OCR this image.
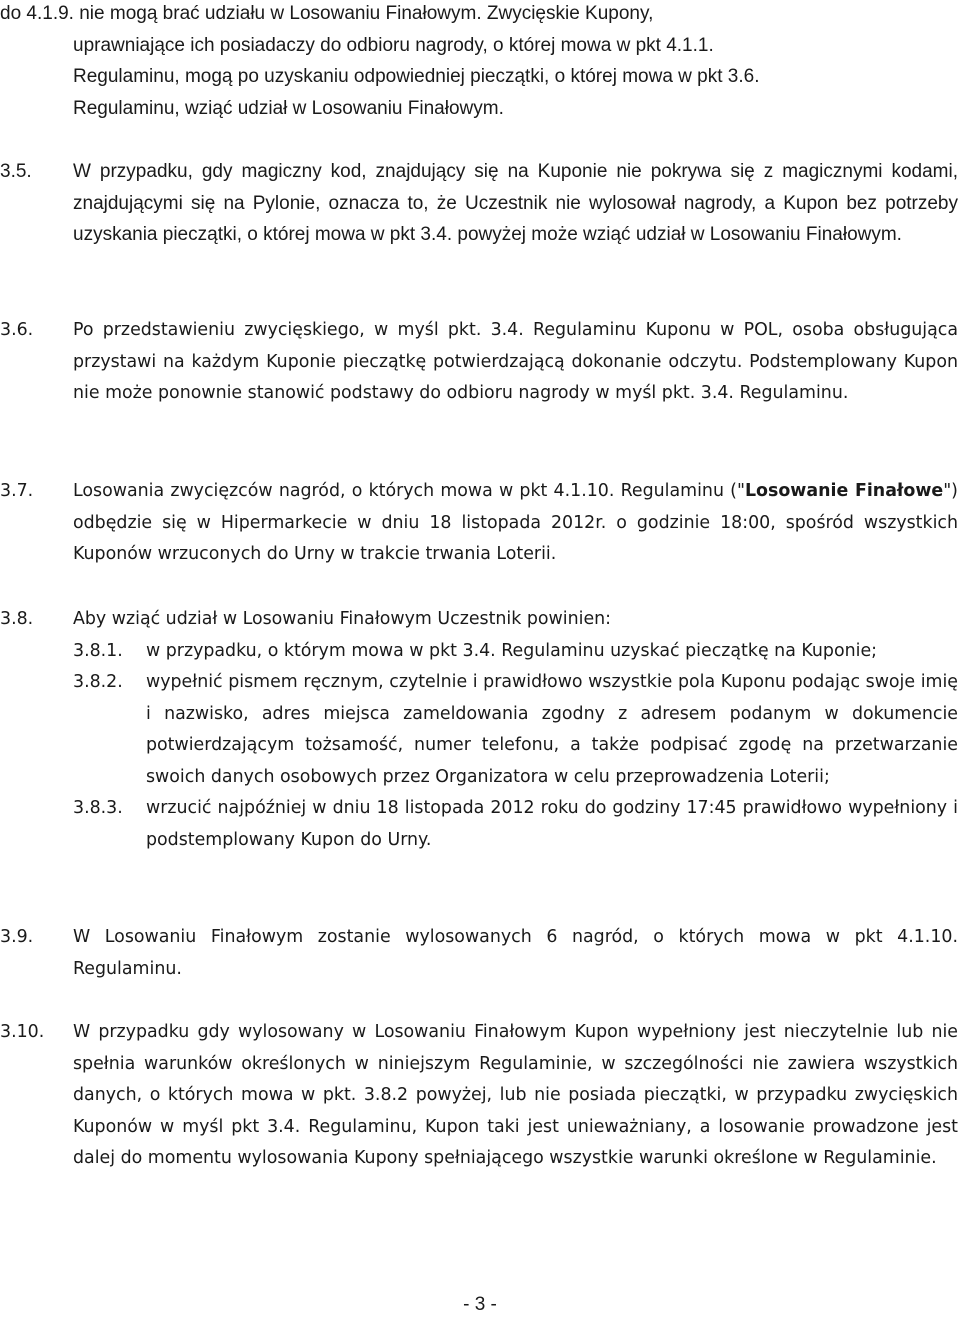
do 4.1.9. nie mogą brać udziału w Losowaniu Finałowym. Zwycięskie Kupony,
uprawniające ich posiadaczy do odbioru nagrody, o której mowa w pkt 4.1.1.
Regulaminu, mogą po uzyskaniu odpowiedniej pieczątki, o której mowa w pkt 3.6.
Regulaminu, wziąć udział w Losowaniu Finałowym.
3.5. W przypadku, gdy magiczny kod, znajdujący się na Kuponie nie pokrywa się z magicznymi kodami, znajdującymi się na Pylonie, oznacza to, że Uczestnik nie wylosował nagrody, a Kupon bez potrzeby uzyskania pieczątki, o której mowa w pkt 3.4. powyżej może wziąć udział w Losowaniu Finałowym.
3.6. Po przedstawieniu zwycięskiego, w myśl pkt. 3.4. Regulaminu Kuponu w POL, osoba obsługująca przystawi na każdym Kuponie pieczątkę potwierdzającą dokonanie odczytu. Podstemplowany Kupon nie może ponownie stanowić podstawy do odbioru nagrody w myśl pkt. 3.4. Regulaminu.
3.7. Losowania zwycięzców nagród, o których mowa w pkt 4.1.10. Regulaminu ("Losowanie Finałowe") odbędzie się w Hipermarkecie w dniu 18 listopada 2012r. o godzinie 18:00, spośród wszystkich Kuponów wrzuconych do Urny w trakcie trwania Loterii.
3.8. Aby wziąć udział w Losowaniu Finałowym Uczestnik powinien:
3.8.1. w przypadku, o którym mowa w pkt 3.4. Regulaminu uzyskać pieczątkę na Kuponie;
3.8.2. wypełnić pismem ręcznym, czytelnie i prawidłowo wszystkie pola Kuponu podając swoje imię i nazwisko, adres miejsca zameldowania zgodny z adresem podanym w dokumencie potwierdzającym tożsamość, numer telefonu, a także podpisać zgodę na przetwarzanie swoich danych osobowych przez Organizatora w celu przeprowadzenia Loterii;
3.8.3. wrzucić najpóźniej w dniu 18 listopada 2012 roku do godziny 17:45 prawidłowo wypełniony i podstemplowany Kupon do Urny.
3.9. W Losowaniu Finałowym zostanie wylosowanych 6 nagród, o których mowa w pkt 4.1.10. Regulaminu.
3.10. W przypadku gdy wylosowany w Losowaniu Finałowym Kupon wypełniony jest nieczytelnie lub nie spełnia warunków określonych w niniejszym Regulaminie, w szczególności nie zawiera wszystkich danych, o których mowa w pkt. 3.8.2 powyżej, lub nie posiada pieczątki, w przypadku zwycięskich Kuponów w myśl pkt 3.4. Regulaminu, Kupon taki jest unieważniany, a losowanie prowadzone jest dalej do momentu wylosowania Kupony spełniającego wszystkie warunki określone w Regulaminie.
- 3 -
